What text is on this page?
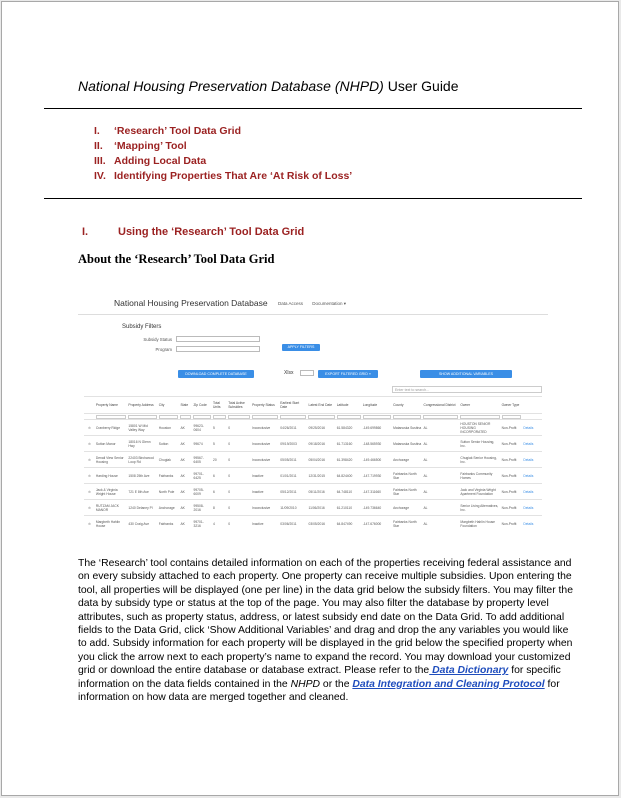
National Housing Preservation Database (NHPD) User Guide
I. ‘Research’ Tool Data Grid
II. ‘Mapping’ Tool
III. Adding Local Data
IV. Identifying Properties That Are ‘At Risk of Loss’
I.	Using the ‘Research’ Tool Data Grid
About the ‘Research’ Tool Data Grid
National Housing Preservation Database Data Access Documentation ▾
Subsidy Filters
Subsidy Status
Program	APPLY FILTERS
DOWNLOAD COMPLETE DATABASE	Xlsx	EXPORT FILTERED GRID »	SHOW ADDITIONAL VARIABLES
Enter text to search...
	Property Name	Property Address	City	State	Zip Code	Total Units	Total Active Subsidies	Property Status	Earliest Start Date	Latest End Date	Latitude	Longitude	County	Congressional District	Owner	Owner Type	

⊕	Cranberry Ridge	15801 W Mid Valley Way	Houston	AK	99623-0604	5	0	Inconclusive	04/26/2011	09/25/2016	61.584320	-149.699860	Matanuska Susitna	AL	HOUSTON SENIOR HOUSING INCORPORATED	Non-Profit	Details
⊕	Sutton Manor	18016 N Glenn Hwy	Sutton	AK	99674	5	0	Inconclusive	09/19/2003	09/18/2016	61.713160	-148.565930	Matanuska Susitna	AL	Sutton Senior Housing, Inc.	Non-Profit	Details
⊕	Denali View Senior Housing	22403 Birchwood Loop Rd	Chugiak	AK	99567-6405	20	0	Inconclusive	05/05/2011	05/04/2016	61.398420	-149.466500	Anchorage	AL	Chugiak Senior Housing, Inc.	Non-Profit	Details
⊕	Harding House	1508 25th Ave	Fairbanks	AK	99701-6425	6	0	Inactive	01/01/2011	12/31/2015	64.824400	-147.719930	Fairbanks North Star	AL	Fairbanks Community Homes	Non-Profit	Details
⊕	Jack & Virginia Wright House	721 E 8th Ave	North Pole	AK	99705-6009	6	0	Inactive	05/12/2011	05/11/2016	64.748110	-147.311660	Fairbanks North Star	AL	Jack and Virginia Wright Apartment Foundation	Non-Profit	Details
⊕	RUTZAM JACK MANOR	1240 Delaney Pl	Anchorage	AK	99508-2016	8	0	Inconclusive	11/09/2010	11/06/2016	61.210110	-149.736640	Anchorage	AL	Senior Living Alternatives, Inc.	Non-Profit	Details
⊕	Margbeth Hahlin House	430 Craig Ave	Fairbanks	AK	99701-3216	4	0	Inactive	03/06/2011	03/05/2016	64.847490	-147.676000	Fairbanks North Star	AL	Margbeth Hahlin House Foundation	Non-Profit	Details
The ‘Research’ tool contains detailed information on each of the properties receiving federal assistance and on every subsidy attached to each property. One property can receive multiple subsidies. Upon entering the tool, all properties will be displayed (one per line) in the data grid below the subsidy filters. You may filter the data by subsidy type or status at the top of the page. You may also filter the database by property level attributes, such as property status, address, or latest subsidy end date on the Data Grid. To add additional fields to the Data Grid, click ‘Show Additional Variables’ and drag and drop the any variables you would like to add. Subsidy information for each property will be displayed in the grid below the specified property when you click the arrow next to each property’s name to expand the record. You may download your customized grid or download the entire database or database extract. Please refer to the Data Dictionary for specific information on the data fields contained in the NHPD or the Data Integration and Cleaning Protocol for information on how data are merged together and cleaned.
